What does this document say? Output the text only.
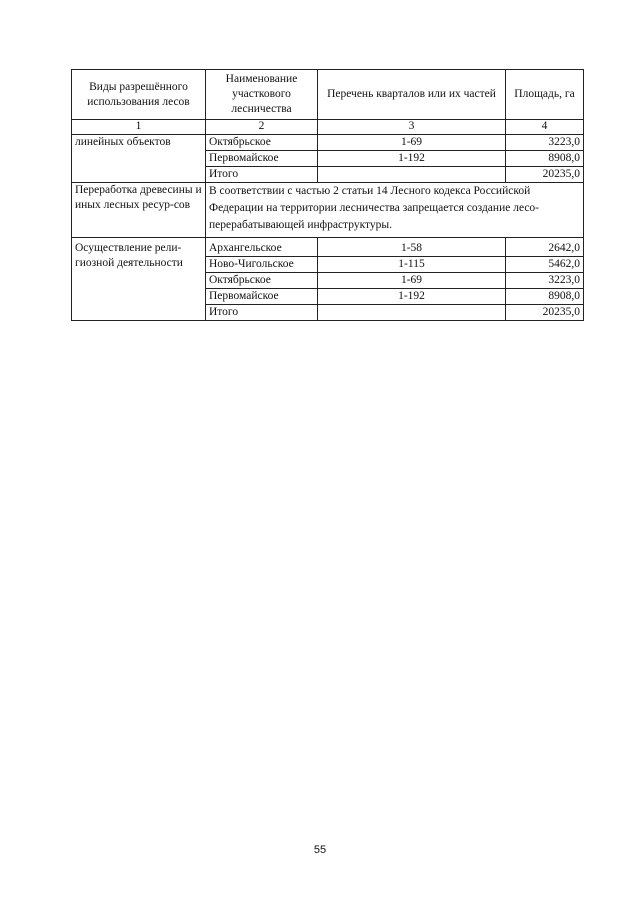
Виды разрешённого использования лесов	Наименование участкового лесничества	Перечень кварталов или их частей	Площадь, га
1	2	3	4
линейных объектов	Октябрьское	1-69	3223,0
	Первомайское	1-192	8908,0
	Итого		20235,0
Переработка древесины и иных лесных ресур-сов	В соответствии с частью 2 статьи 14 Лесного кодекса Российской Федерации на территории лесничества запрещается создание лесо-перерабатывающей инфраструктуры.		
Осуществление рели-гиозной деятельности	Архангельское	1-58	2642,0
	Ново-Чигольское	1-115	5462,0
	Октябрьское	1-69	3223,0
	Первомайское	1-192	8908,0
	Итого		20235,0
55
